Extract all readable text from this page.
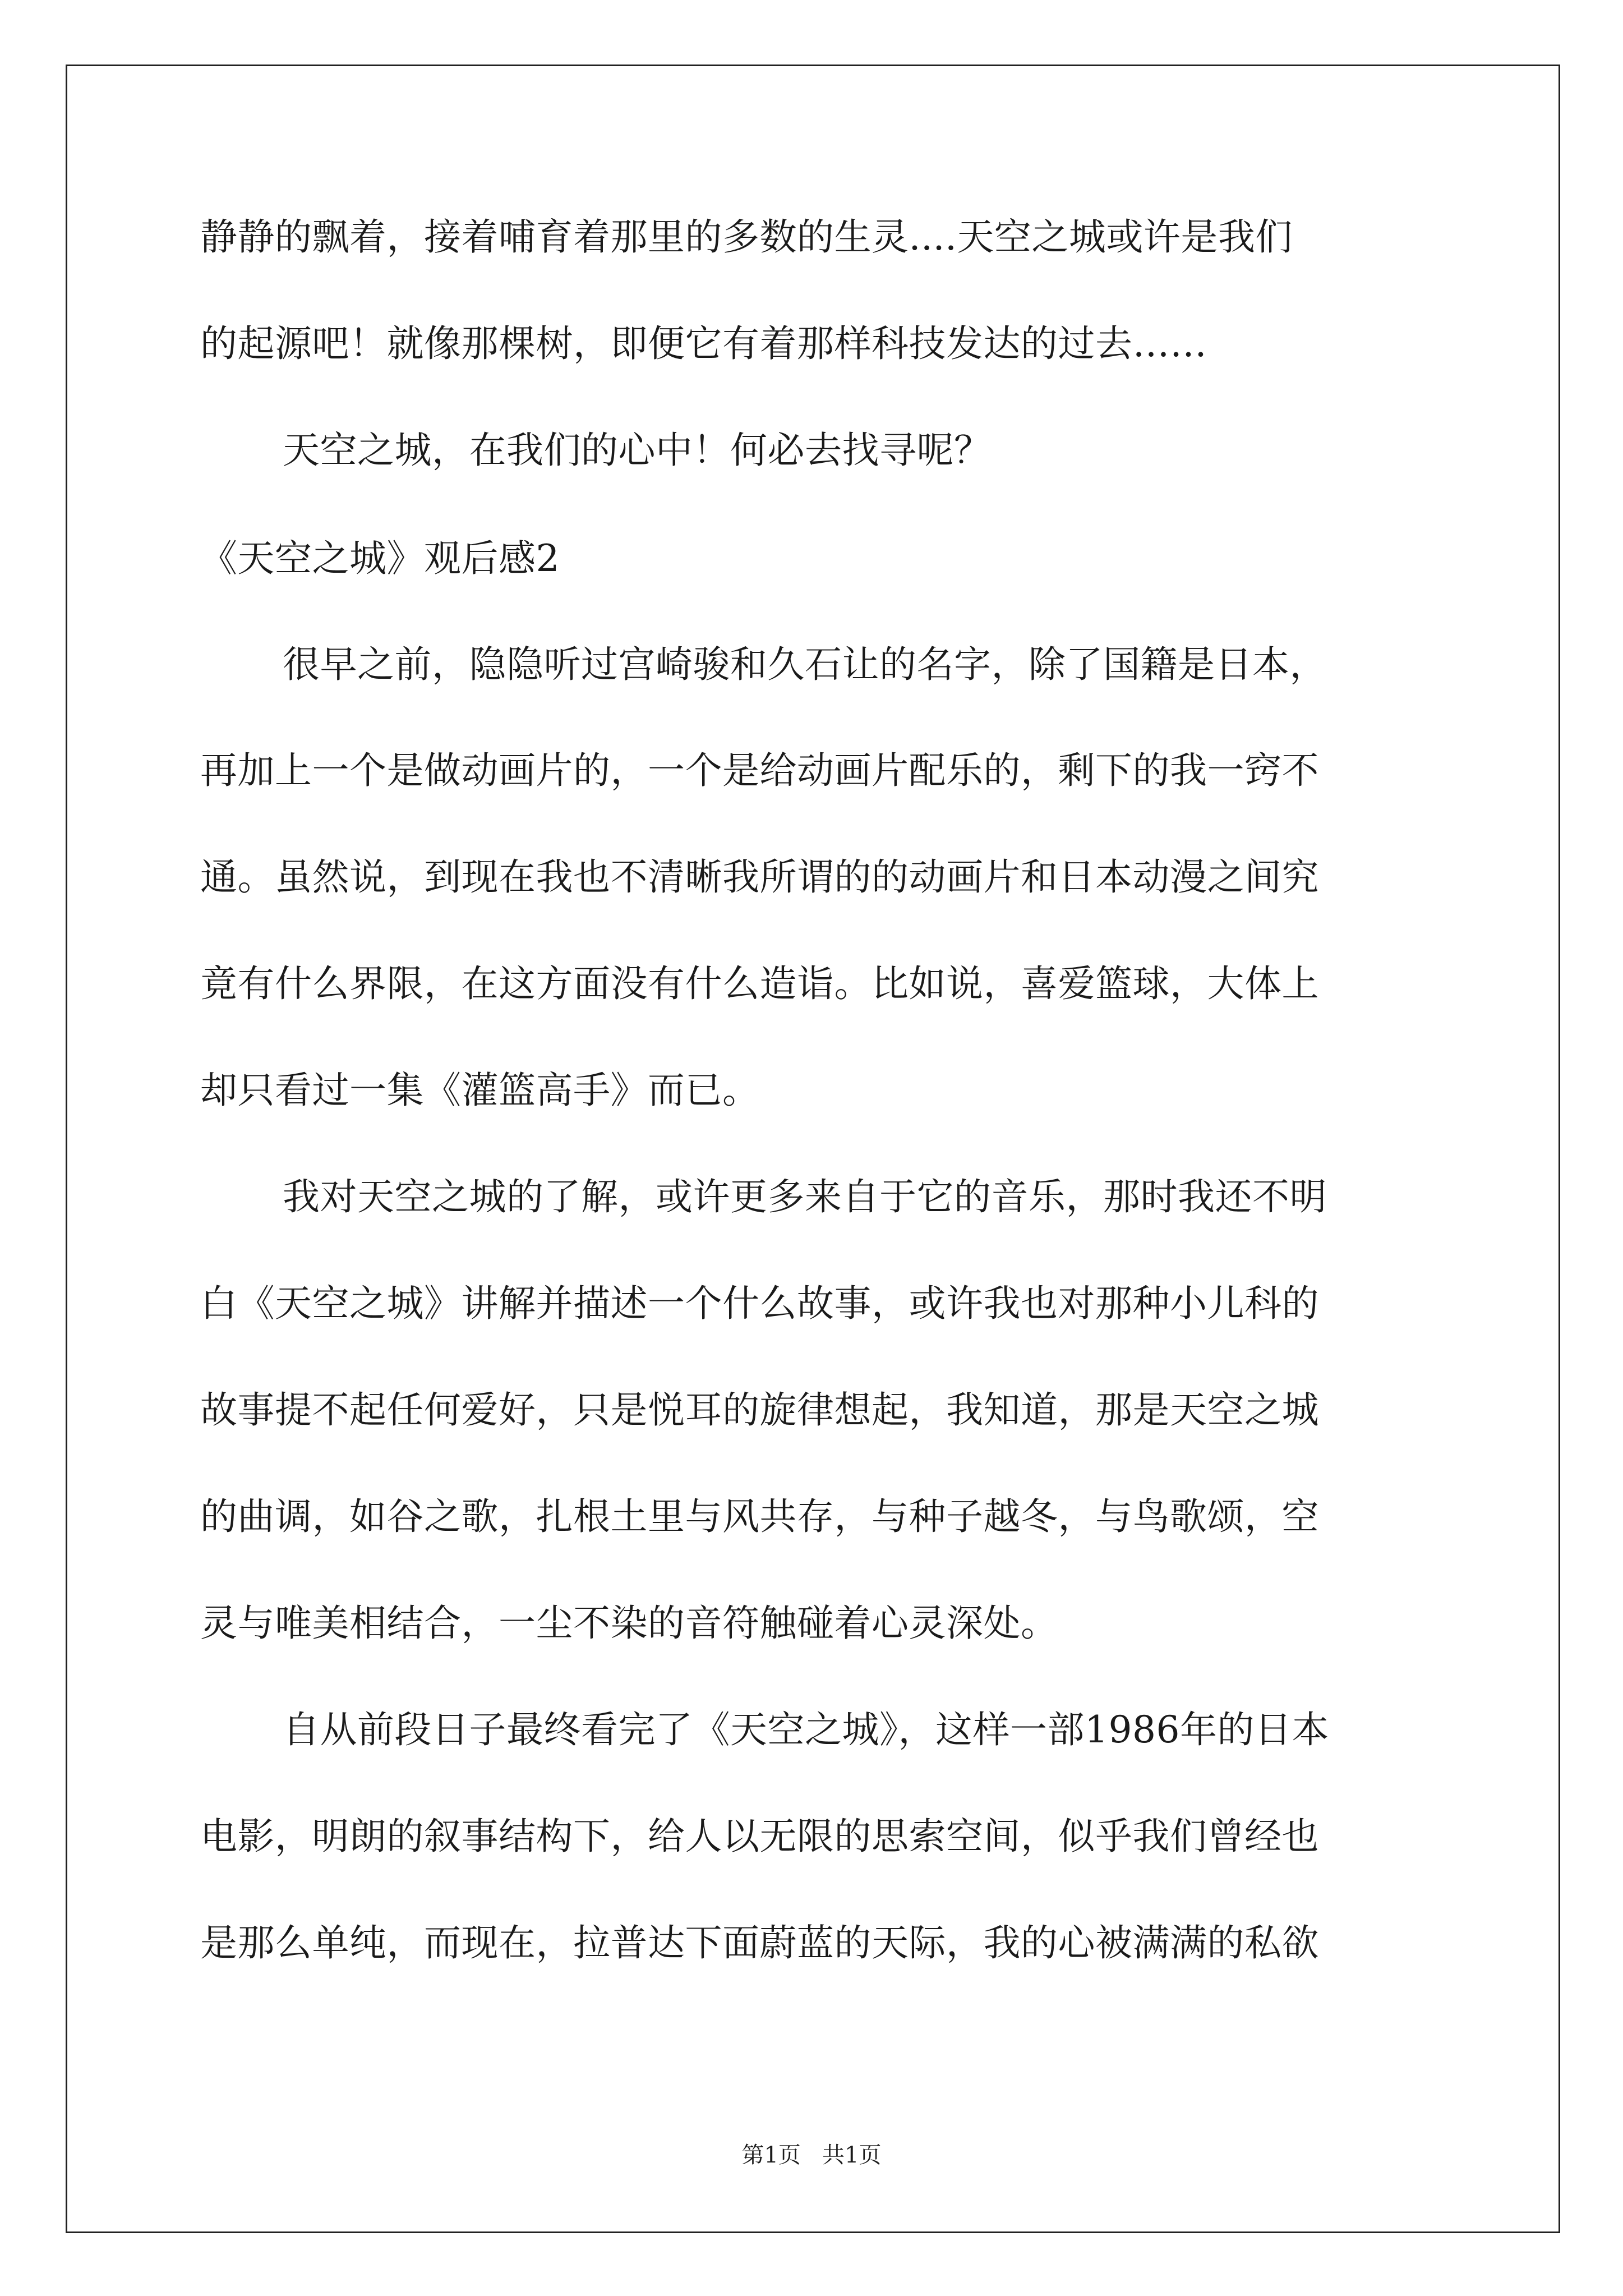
静静的飘着，接着哺育着那里的多数的生灵....天空之城或许是我们
的起源吧！就像那棵树，即便它有着那样科技发达的过去……
天空之城，在我们的心中！何必去找寻呢？
《天空之城》观后感2
很早之前，隐隐听过宫崎骏和久石让的名字，除了国籍是日本，
再加上一个是做动画片的，一个是给动画片配乐的，剩下的我一窍不
通。虽然说，到现在我也不清晰我所谓的的动画片和日本动漫之间究
竟有什么界限，在这方面没有什么造诣。比如说，喜爱篮球，大体上
却只看过一集《灌篮高手》而已。
我对天空之城的了解，或许更多来自于它的音乐，那时我还不明
白《天空之城》讲解并描述一个什么故事，或许我也对那种小儿科的
故事提不起任何爱好，只是悦耳的旋律想起，我知道，那是天空之城
的曲调，如谷之歌，扎根土里与风共存，与种子越冬，与鸟歌颂，空
灵与唯美相结合，一尘不染的音符触碰着心灵深处。
自从前段日子最终看完了《天空之城》，这样一部1986年的日本
电影，明朗的叙事结构下，给人以无限的思索空间，似乎我们曾经也
是那么单纯，而现在，拉普达下面蔚蓝的天际，我的心被满满的私欲
第1页   共1页
